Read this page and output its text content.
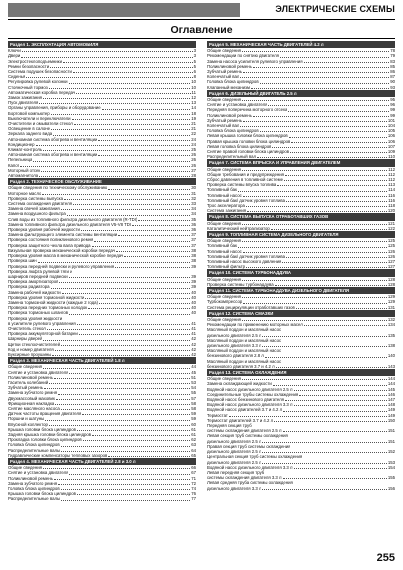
ЭЛЕКТРИЧЕСКИЕ СХЕМЫ
Оглавление
Раздел 1. ЭКСПЛУАТАЦИЯ АВТОМОБИЛЯ
Ключи	3
Двери	3
Электростеклоподъемники	5
Ремни безопасности	5
Система подушек безопасности	6
Сиденья	8
Регулировка рулевой колонки	10
Стояночный тормоз	10
Автоматическая коробка передач	11
Замок зажигания	12
Пуск двигателя	13
Органы управления, приборы и оборудование	14
Бортовой компьютер	18
Выключатели и переключатели	19
Очистители и омыватели стекол	21
Освещение в салоне	21
Зеркала заднего вида	22
Автономная система обогрева и вентиляции	24
Кондиционер	24
Климат-контроль	25
Автономная система обогрева и вентиляции	26
Пепельница	26
Капот	26
Моторный отсек	27
Автомагнитола	28
Раздел 2. ТЕХНИЧЕСКОЕ ОБСЛУЖИВАНИЕ
Общие сведения по техническому обслуживанию	30
Моторное масло	31
Проверка системы выпуска	32
Система охлаждения двигателя	33
Замена свечей зажигания	34
Замена воздушного фильтра	34
Слив воды из топливного фильтра дизельного двигателя (R-TDI)	35
Замена топливного фильтра дизельного двигателя V5-V8 TDI	36
Проверка уровня рабочей жидкости	36
Замена фильтрующего элемента системы вентиляции	37
Проверка состояния поликлинового ремня	37
Проверка защитного чехла вала привода	37
Визуальная проверка механической коробки передач	38
Проверка уровня масла в механической коробке передач	38
Проверка шин	38
Проверка передней подвески и рулевого управления	39
Проверка люфта рулевой тяги и
шарниров передней подвески	39
Проверка амортизаторов	39
Проверка радиатора	39
Замена рабочей жидкости	40
Проверка уровня тормозной жидкости	40
Замена тормозной жидкости (каждые 2 года)	40
Проверка передних тормозных колодок	40
Проверка тормозных шлангов	40
Проверка уровня жидкости
в усилителе рулевого управления	41
Очиститель стекол	41
Проверка аккумуляторной батареи	41
Шарниры дверей	42
Щетки стеклоочистителей	42
Код и номер двигателя	42
Буксирные проушины	42
Раздел 3. МЕХАНИЧЕСКАЯ ЧАСТЬ ДВИГАТЕЛЕЙ 1.8 л
Общие сведения	44
Снятие и установка двигателя	45
Поликлиновой ремень	51
Гаситель колебаний	53
Зубчатый ремень	54
Замена зубчатого ремня	55
Двухмассовый маховик	57
Фрикционная накладка	58
Снятие масляного насоса	58
Датчик частоты вращения двигателя	59
Поршни и шатуны	59
Впускной коллектор	60
Крышка головки блока цилиндров	61
Задняя крышка головки блока цилиндров	61
Прокладка головки блока цилиндров	62
Головка блока цилиндров	63
Распределительные валы	64
Гидравлические компенсаторы тепловых зазоров	65
Раздел 4. МЕХАНИЧЕСКАЯ ЧАСТЬ ДВИГАТЕЛЕЙ 2.8 и 3.0 л
Общие сведения	66
Снятие и установка двигателя	67
Поликлиновой ремень	71
Замена зубчатого ремня	72
Головка блока цилиндров	74
Крышка головки блока цилиндров	76
Распределительные валы	77
Раздел 5. МЕХАНИЧЕСКАЯ ЧАСТЬ ДВИГАТЕЛЕЙ 4.2 л
Общие сведения	78
Рекомендации по снятию двигателя	79
Замена насоса усилителя рулевого управления	83
Поликлиновой ремень	85
Зубчатый ремень	86
Коленчатый вал	87
Головка блока цилиндров	90
Клапанный механизм	93
Раздел 6. ДИЗЕЛЬНЫЙ ДВИГАТЕЛЬ 2.5 л
Общие сведения	95
Снятие и установка двигателя	96
Передняя поперечина моторного отсека	99
Поликлиновой ремень	99
Зубчатый ремень	101
Коленчатый вал	104
Головка блока цилиндров	105
Левая крышка головки блока цилиндров	106
Правая крышка головки блока цилиндров	106
Левая головка блока цилиндров	107
Снятие правой головки блока цилиндров	109
Распределительный вал	110
Раздел 7. СИСТЕМА ВПРЫСКА И УПРАВЛЕНИЯ ДВИГАТЕЛЕМ
Общие сведения	112
Общие требования и предупреждения	112
Сброс давления в топливной системе	112
Проверка системы впуска топлива	113
Топливный бак	114
Топливный насос	116
Топливный бак/ датчик уровня топлива	116
Трос акселератора	118
Система зажигания	120
Раздел 8. СИСТЕМА ВЫПУСКА ОТРАБОТАВШИХ ГАЗОВ
Общие сведения	121
Каталитический нейтрализатор	122
Раздел 9. ТОПЛИВНАЯ СИСТЕМА ДИЗЕЛЬНОГО ДВИГАТЕЛЯ
Общие сведения	125
Топливный бак	125
Топливный насос	126
Топливный бак/ датчик уровня топлива	126
Топливный насос высокого давления	127
Топливный фильтр	127
Раздел 10. СИСТЕМА ТУРБОНАДДУВА
Общие сведения	128
Проверка системы турбонаддува	128
Раздел 11. СИСТЕМА ТУРБОНАДДУВА ДИЗЕЛЬНОГО ДВИГАТЕЛЯ
Общие сведения	129
Турбокомпрессор	129
Система рециркуляции отработавших газов	131
Раздел 12. СИСТЕМА СМАЗКИ
Общие сведения	132
Рекомендации по применению моторных масел	134
Масляный поддон и масляный насос
дизельного двигателя 2.5 л	135
Масляный поддон и масляный насос
дизельного двигателя 3.3 л	138
Масляный поддон и масляный насос
бензинового двигателя 2.8 л	140
Масляный поддон и масляный насос
бензинового двигателя 3.7 и 4.2 л	143
Раздел 13. СИСТЕМА ОХЛАЖДЕНИЯ
Общие сведения	144
Замена охлаждающей жидкости	144
Водяной насос дизельного двигателя 2.5 л	145
Соединительные трубы системы охлаждения	146
Водяной насос бензинового двигателя	147
Водяной насос дизельного двигателя 3.3 л	148
Водяной насос двигателей 3.7 и 4.2 л	149
Термостат	149
Термостат двигателей 3.7 и 4.2 л	150
Передняя секция труб
системы охлаждения двигателя 2.5 л	151
Левая секция труб системы охлаждения
дизельного двигателя 2.5 л	151
Правая секция труб системы охлаждения
дизельного двигателя 2.5 л	152
Центральная секция труб системы охлаждения
дизельного двигателя 2.5 л	153
Водяной насос дизельного двигателя 3.3 л	154
Левая передняя секция труб
системы охлаждения двигателя 3.3 л	155
Левая средняя труба системы охлаждения
дизельного двигателя 3.3 л	156
255
